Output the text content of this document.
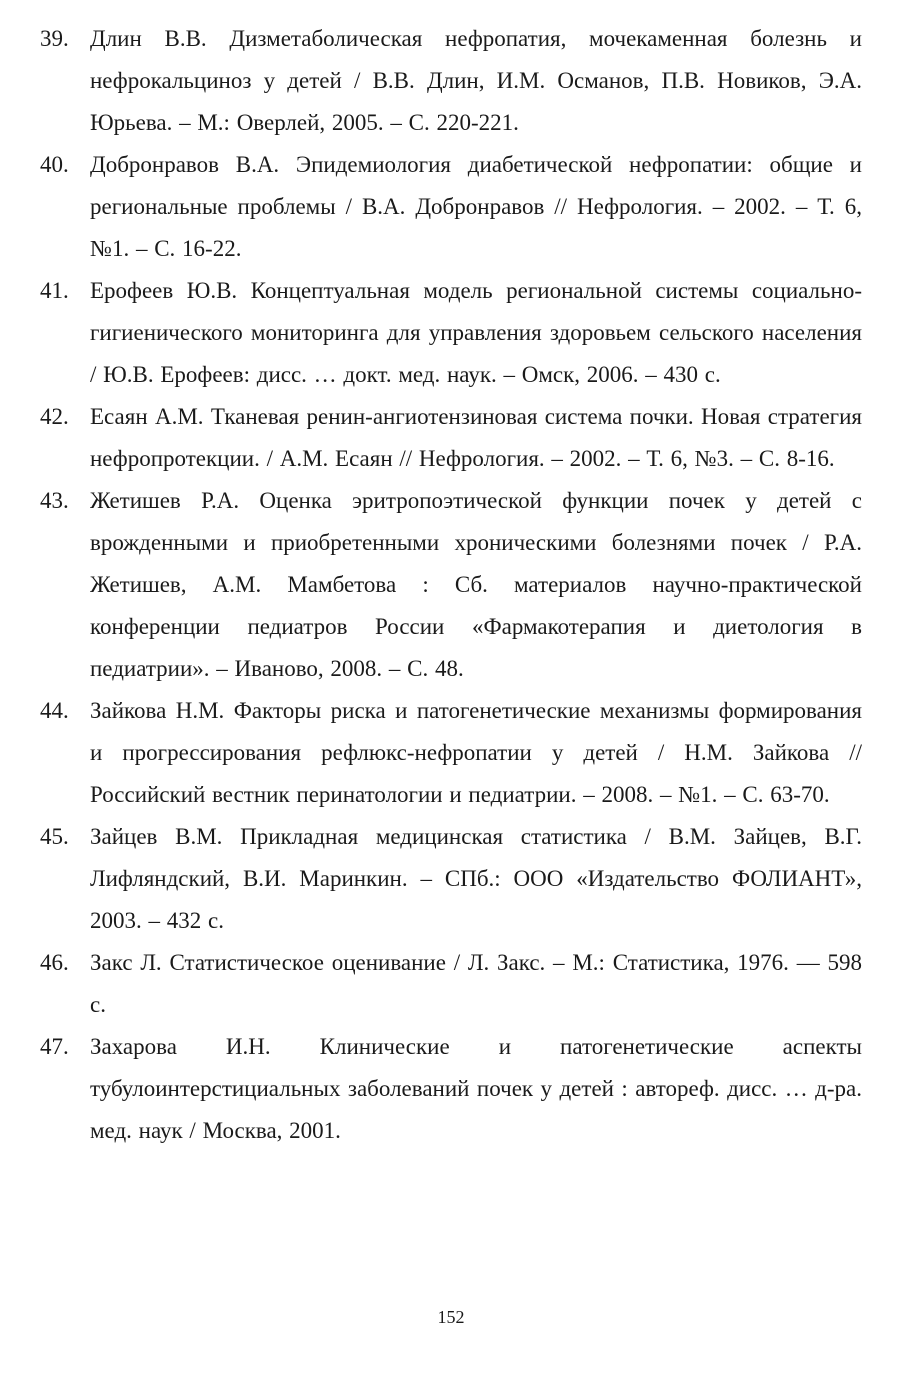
39. Длин В.В. Дизметаболическая нефропатия, мочекаменная болезнь и нефрокальциноз у детей / В.В. Длин, И.М. Османов, П.В. Новиков, Э.А. Юрьева. – М.: Оверлей, 2005. – С. 220-221.
40. Добронравов В.А. Эпидемиология диабетической нефропатии: общие и региональные проблемы / В.А. Добронравов // Нефрология. – 2002. – Т. 6, №1. – С. 16-22.
41. Ерофеев Ю.В. Концептуальная модель региональной системы социально-гигиенического мониторинга для управления здоровьем сельского населения / Ю.В. Ерофеев: дисс. … докт. мед. наук. – Омск, 2006. – 430 с.
42. Есаян А.М. Тканевая ренин-ангиотензиновая система почки. Новая стратегия нефропротекции. / А.М. Есаян // Нефрология. – 2002. – Т. 6, №3. – С. 8-16.
43. Жетишев Р.А. Оценка эритропоэтической функции почек у детей с врожденными и приобретенными хроническими болезнями почек / Р.А. Жетишев, А.М. Мамбетова : Сб. материалов научно-практической конференции педиатров России «Фармакотерапия и диетология в педиатрии». – Иваново, 2008. – С. 48.
44. Зайкова Н.М. Факторы риска и патогенетические механизмы формирования и прогрессирования рефлюкс-нефропатии у детей / Н.М. Зайкова // Российский вестник перинатологии и педиатрии. – 2008. – №1. – С. 63-70.
45. Зайцев В.М. Прикладная медицинская статистика / В.М. Зайцев, В.Г. Лифляндский, В.И. Маринкин. – СПб.: ООО «Издательство ФОЛИАНТ», 2003. – 432 с.
46. Закс Л. Статистическое оценивание / Л. Закс. – М.: Статистика, 1976. — 598 с.
47. Захарова И.Н. Клинические и патогенетические аспекты тубулоинтерстициальных заболеваний почек у детей : автореф. дисс. … д-ра. мед. наук / Москва, 2001.
152
